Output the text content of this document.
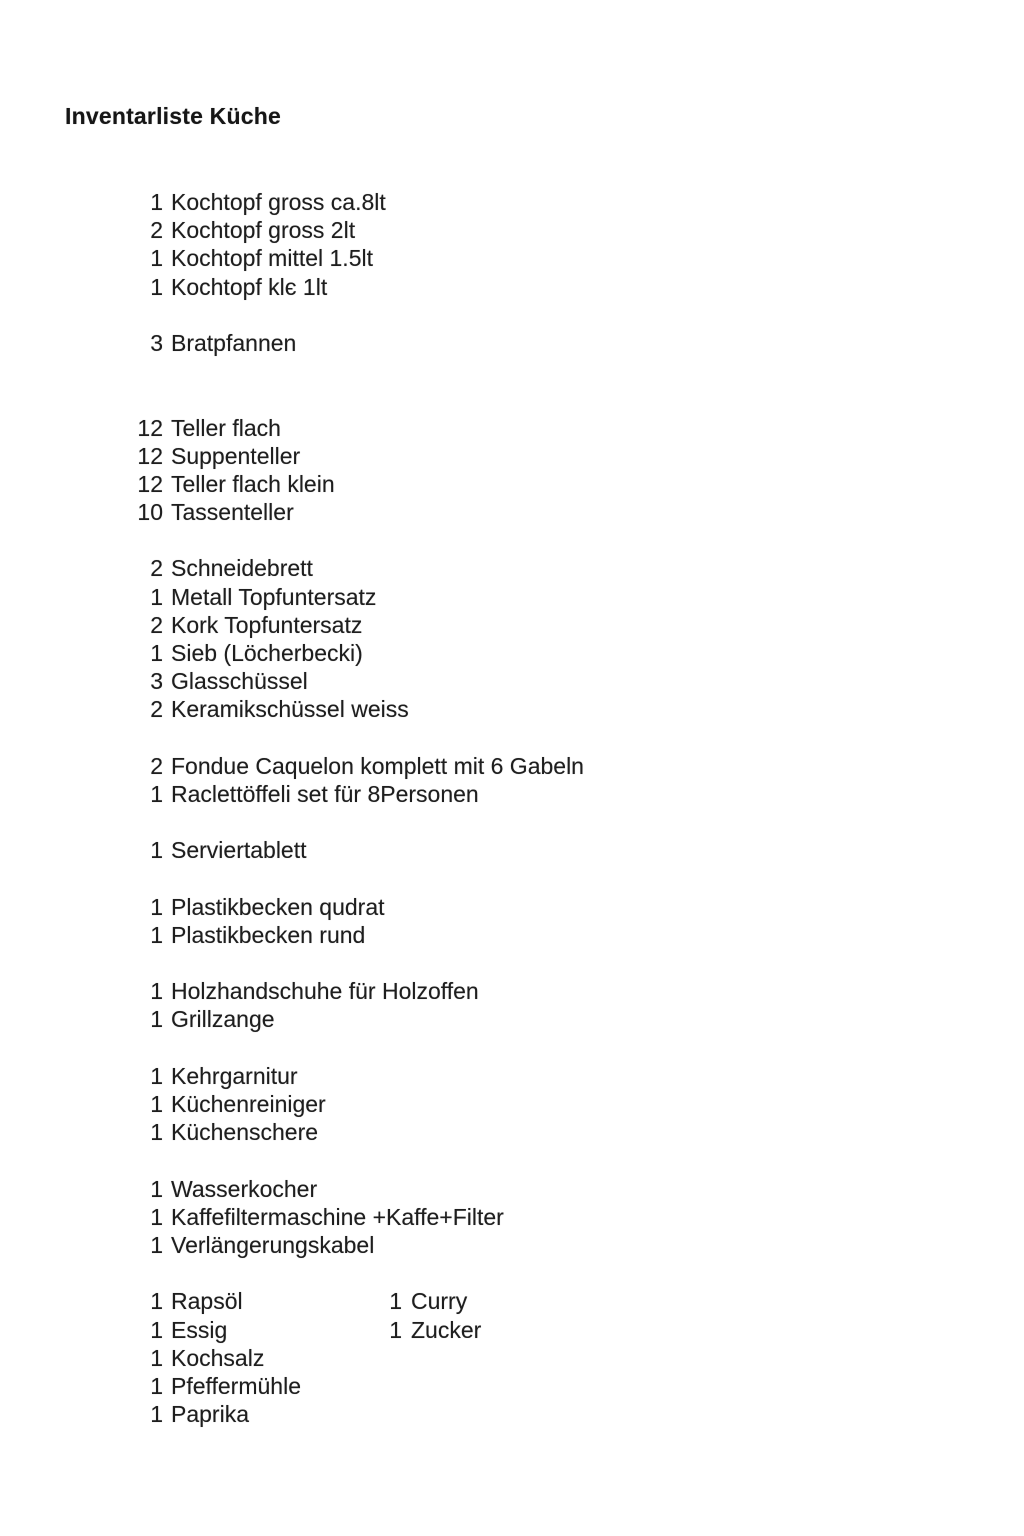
Inventarliste Küche
1 Kochtopf gross ca.8lt
2 Kochtopf gross 2lt
1 Kochtopf mittel 1.5lt
1 Kochtopf klє 1lt
3 Bratpfannen
12 Teller flach
12 Suppenteller
12 Teller flach klein
10 Tassenteller
2 Schneidebrett
1 Metall Topfuntersatz
2 Kork Topfuntersatz
1 Sieb (Löcherbecki)
3 Glasschüssel
2 Keramikschüssel weiss
2 Fondue Caquelon komplett mit 6 Gabeln
1 Raclettöffeli set für 8Personen
1 Serviertablett
1 Plastikbecken qudrat
1 Plastikbecken rund
1 Holzhandschuhe für Holzoffen
1 Grillzange
1 Kehrgarnitur
1 Küchenreiniger
1 Küchenschere
1 Wasserkocher
1 Kaffefiltermaschine +Kaffe+Filter
1 Verlängerungskabel
1 Rapsöl	1 Curry
1 Essig	1 Zucker
1 Kochsalz
1 Pfeffermühle
1 Paprika
